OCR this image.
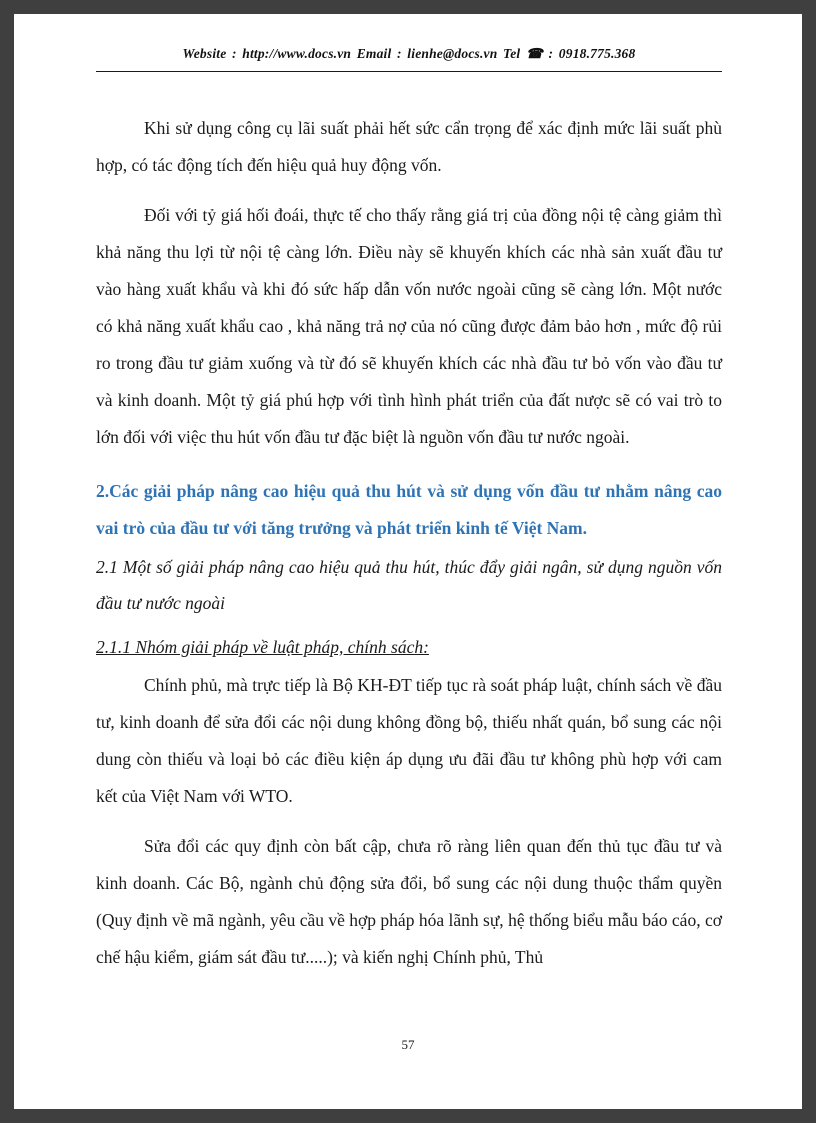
Website : http://www.docs.vn Email : lienhe@docs.vn Tel ☎ : 0918.775.368

Khi sử dụng công cụ lãi suất phải hết sức cẩn trọng để xác định mức lãi suất phù hợp, có tác động tích đến hiệu quả huy động vốn.

Đối với tỷ giá hối đoái, thực tế cho thấy rằng giá trị của đồng nội tệ càng giảm thì khả năng thu lợi từ nội tệ càng lớn. Điều này sẽ khuyến khích các nhà sản xuất đầu tư vào hàng xuất khẩu và khi đó sức hấp dẫn vốn nước ngoài cũng sẽ càng lớn. Một nước có khả năng xuất khẩu cao , khả năng trả nợ của nó cũng được đảm bảo hơn , mức độ rủi ro trong đầu tư giảm xuống và từ đó sẽ khuyến khích các nhà đầu tư bỏ vốn vào đầu tư và kinh doanh. Một tỷ giá phú hợp với tình hình phát triển của đất nược sẽ có vai trò to lớn đối với việc thu hút vốn đầu tư đặc biệt là nguồn vốn đầu tư nước ngoài.

2.Các giải pháp nâng cao hiệu quả thu hút và sử dụng vốn đầu tư nhằm nâng cao vai trò của đầu tư với tăng trưởng và phát triển kinh tế Việt Nam.

2.1 Một số giải pháp nâng cao hiệu quả thu hút, thúc đẩy giải ngân, sử dụng nguồn vốn đầu tư nước ngoài

2.1.1 Nhóm giải pháp về luật pháp, chính sách:

Chính phủ, mà trực tiếp là Bộ KH-ĐT tiếp tục rà soát pháp luật, chính sách về đầu tư, kinh doanh để sửa đổi các nội dung không đồng bộ, thiếu nhất quán, bổ sung các nội dung còn thiếu và loại bỏ các điều kiện áp dụng ưu đãi đầu tư không phù hợp với cam kết của Việt Nam với WTO.

Sửa đổi các quy định còn bất cập, chưa rõ ràng liên quan đến thủ tục đầu tư và kinh doanh. Các Bộ, ngành chủ động sửa đổi, bổ sung các nội dung thuộc thẩm quyền (Quy định về mã ngành, yêu cầu về hợp pháp hóa lãnh sự, hệ thống biểu mẫu báo cáo, cơ chế hậu kiểm, giám sát đầu tư.....); và kiến nghị Chính phủ, Thủ

57
